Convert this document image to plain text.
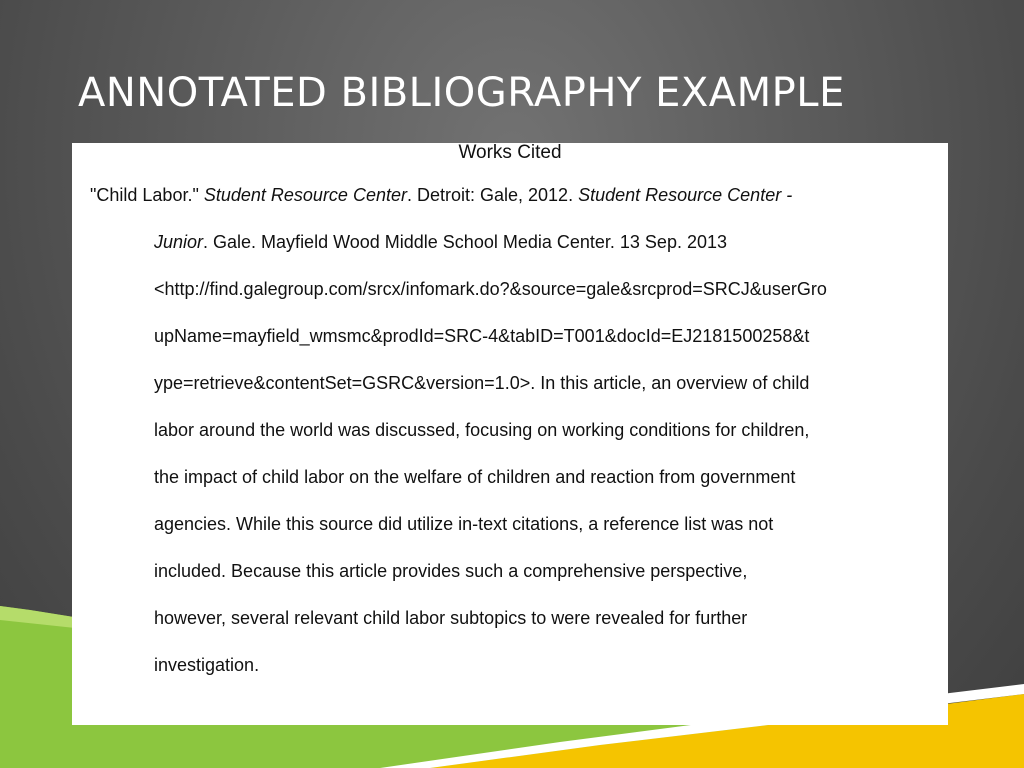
ANNOTATED BIBLIOGRAPHY EXAMPLE
Works Cited
"Child Labor." Student Resource Center. Detroit: Gale, 2012. Student Resource Center -
Junior. Gale. Mayfield Wood Middle School Media Center. 13 Sep. 2013
<http://find.galegroup.com/srcx/infomark.do?&source=gale&srcprod=SRCJ&userGro
upName=mayfield_wmsmc&prodId=SRC-4&tabID=T001&docId=EJ2181500258&t
ype=retrieve&contentSet=GSRC&version=1.0>. In this article, an overview of child
labor around the world was discussed, focusing on working conditions for children,
the impact of child labor on the welfare of children and reaction from government
agencies. While this source did utilize in-text citations, a reference list was not
included. Because this article provides such a comprehensive perspective,
however, several relevant child labor subtopics to were revealed for further
investigation.
